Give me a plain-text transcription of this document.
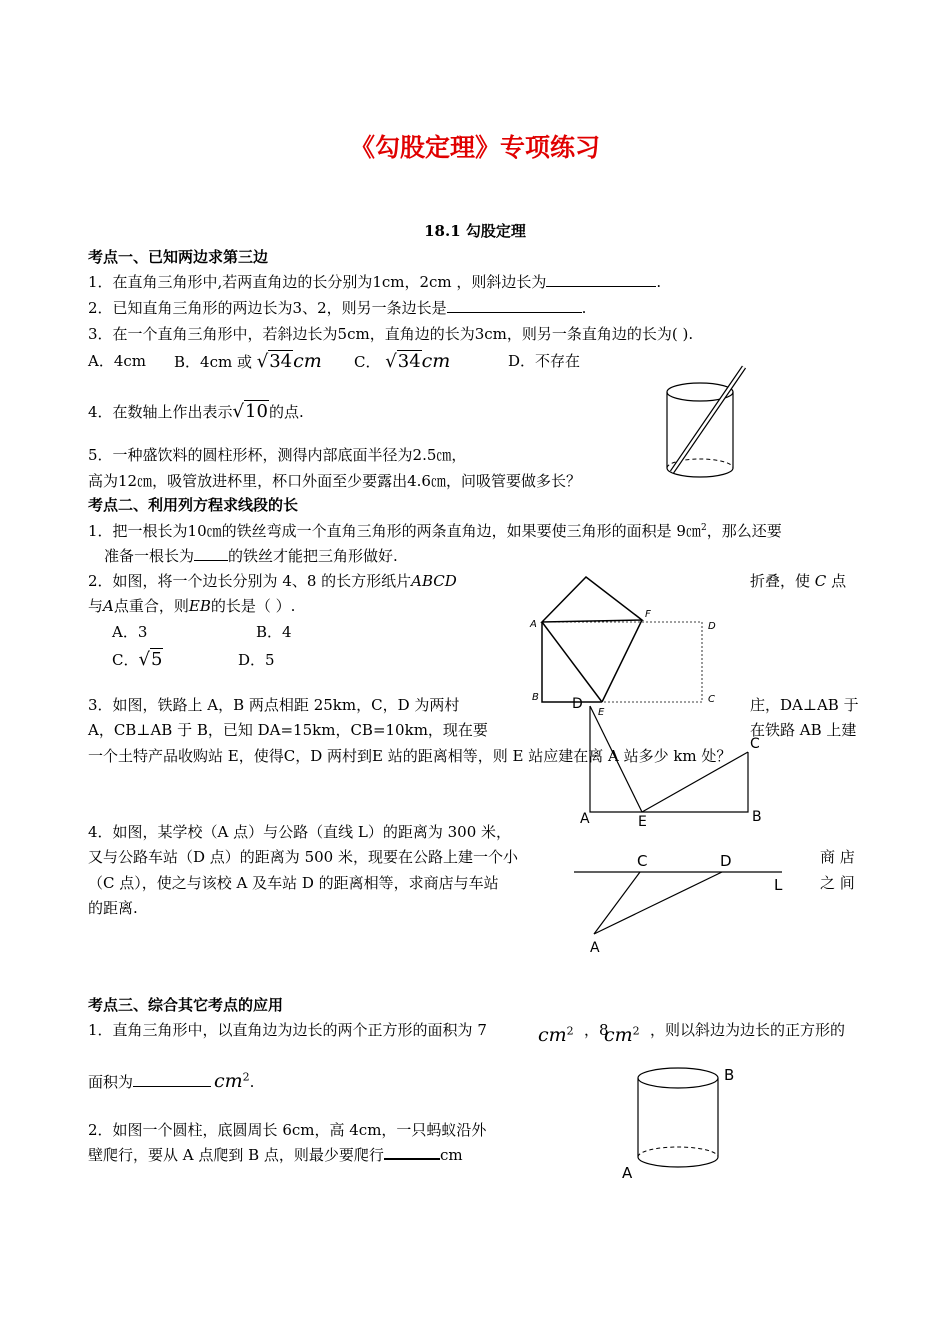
《勾股定理》专项练习
18.1 勾股定理
考点一、已知两边求第三边
1．在直角三角形中,若两直角边的长分别为1cm，2cm ，则斜边长为	.
2．已知直角三角形的两边长为3、2，则另一条边长是	.
3．在一个直角三角形中，若斜边长为5cm，直角边的长为3cm，则另一条直角边的长为( ).
A．4cm B．4cm 或 √34cm C． √34cm	D．不存在
4．在数轴上作出表示√10的点.
5．一种盛饮料的圆柱形杯，测得内部底面半径为2.5㎝，
高为12㎝，吸管放进杯里，杯口外面至少要露出4.6㎝，问吸管要做多长？
考点二、利用列方程求线段的长
1．把一根长为10㎝的铁丝弯成一个直角三角形的两条直角边，如果要使三角形的面积是 9㎝$^2$，那么还要
准备一根长为 的铁丝才能把三角形做好.
2．如图，将一个边长分别为 4、8 的长方形纸片ABCD	折叠，使 C 点
与A点重合，则EB的长是（ ）.
A．3	B．4
C．√5	D．5
A
B	C
D
E
F
3．如图，铁路上 A，B 两点相距 25km，C，D 为两村	庄，DA⊥AB 于
A，CB⊥AB 于 B，已知 DA=15km，CB=10km，现在要	在铁路 AB 上建
一个土特产品收购站 E，使得C，D 两村到E 站的距离相等，则 E 站应建在离 A 站多少 km 处？
D
C
A	E	B
4．如图，某学校（A 点）与公路（直线 L）的距离为 300 米，
又与公路车站（D 点）的距离为 500 米，现要在公路上建一个小	商 店
（C 点），使之与该校 A 及车站 D 的距离相等，求商店与车站	之 间
的距离.
C	D
A
L
考点三、综合其它考点的应用
1．直角三角形中，以直角边为边长的两个正方形的面积为 7	$cm^2$ ，8
$cm^2$ ，则以斜边为边长的正方形的
面积为	$cm^2$.
2．如图一个圆柱，底圆周长 6cm，高 4cm，一只蚂蚁沿外
壁爬行，要从 A 点爬到 B 点，则最少要爬行	cm
B
A
